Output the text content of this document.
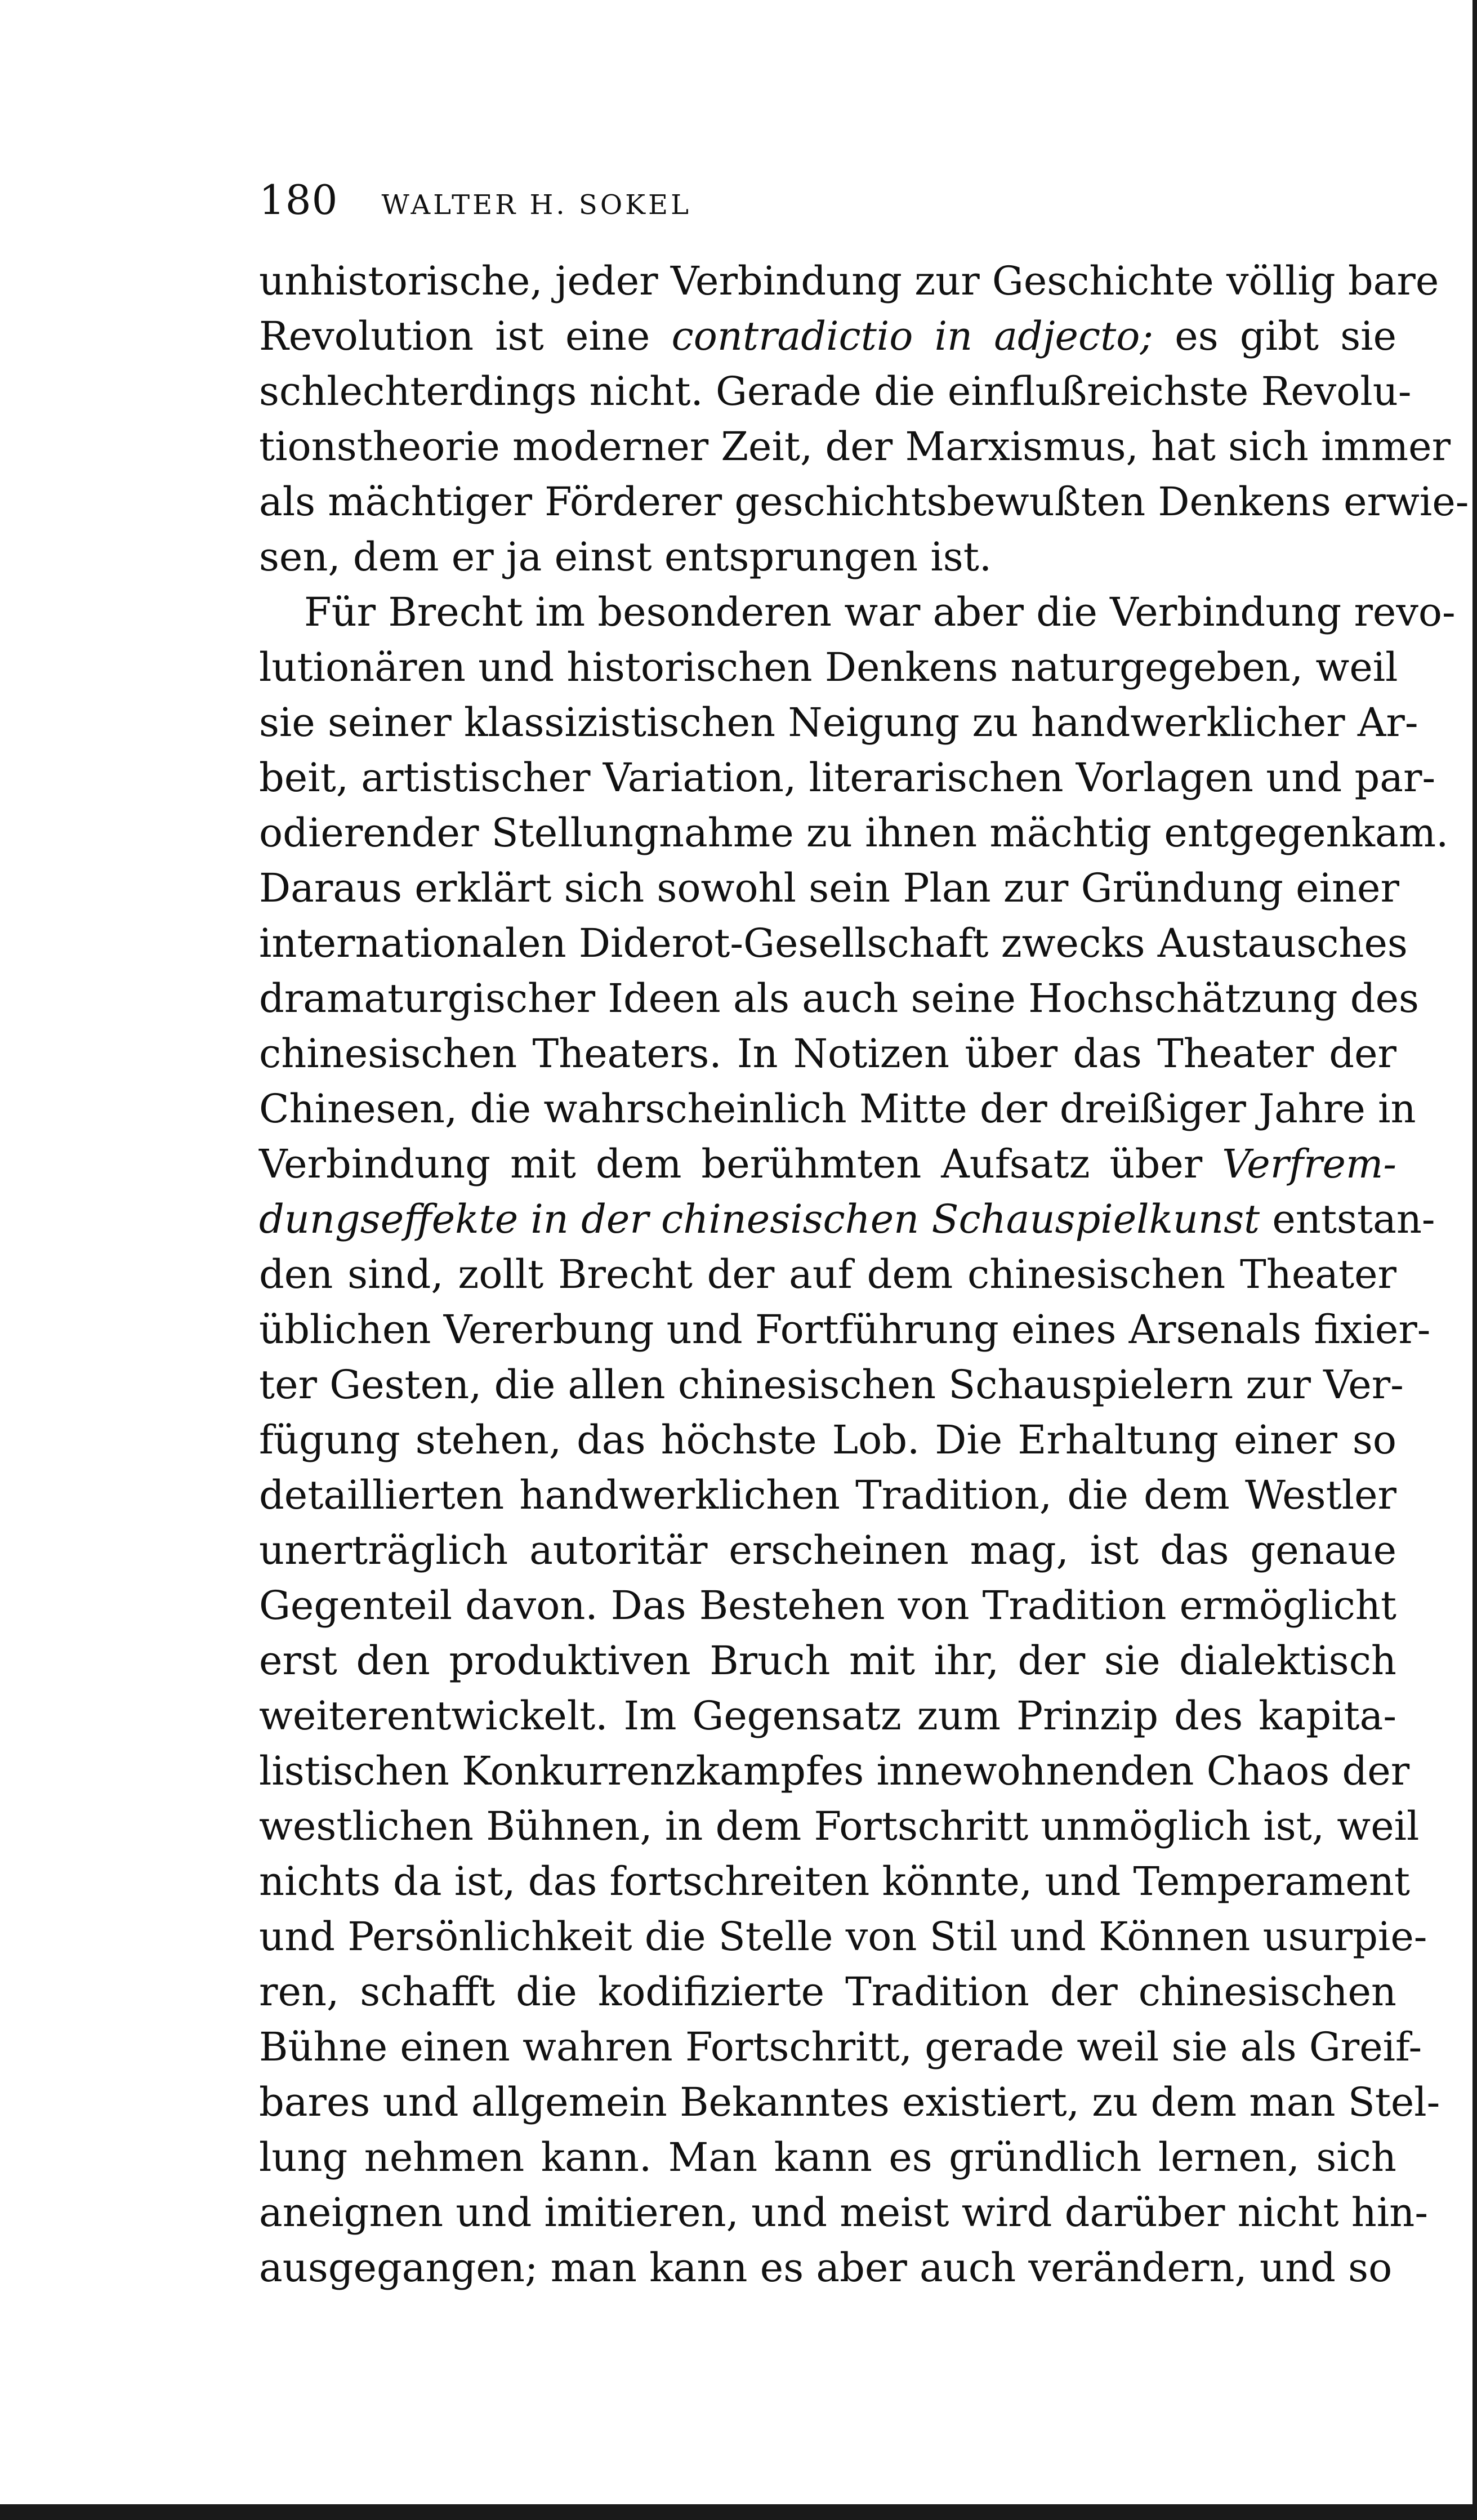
180 WALTER H. SOKEL
unhistorische, jeder Verbindung zur Geschichte völlig bare
Revolution ist eine contradictio in adjecto; es gibt sie
schlechterdings nicht. Gerade die einflußreichste Revolu-
tionstheorie moderner Zeit, der Marxismus, hat sich immer
als mächtiger Förderer geschichtsbewußten Denkens erwie-
sen, dem er ja einst entsprungen ist.
Für Brecht im besonderen war aber die Verbindung revo-
lutionären und historischen Denkens naturgegeben, weil
sie seiner klassizistischen Neigung zu handwerklicher Ar-
beit, artistischer Variation, literarischen Vorlagen und par-
odierender Stellungnahme zu ihnen mächtig entgegenkam.
Daraus erklärt sich sowohl sein Plan zur Gründung einer
internationalen Diderot-Gesellschaft zwecks Austausches
dramaturgischer Ideen als auch seine Hochschätzung des
chinesischen Theaters. In Notizen über das Theater der
Chinesen, die wahrscheinlich Mitte der dreißiger Jahre in
Verbindung mit dem berühmten Aufsatz über Verfrem-
dungseffekte in der chinesischen Schauspielkunst entstan-
den sind, zollt Brecht der auf dem chinesischen Theater
üblichen Vererbung und Fortführung eines Arsenals fixier-
ter Gesten, die allen chinesischen Schauspielern zur Ver-
fügung stehen, das höchste Lob. Die Erhaltung einer so
detaillierten handwerklichen Tradition, die dem Westler
unerträglich autoritär erscheinen mag, ist das genaue
Gegenteil davon. Das Bestehen von Tradition ermöglicht
erst den produktiven Bruch mit ihr, der sie dialektisch
weiterentwickelt. Im Gegensatz zum Prinzip des kapita-
listischen Konkurrenzkampfes innewohnenden Chaos der
westlichen Bühnen, in dem Fortschritt unmöglich ist, weil
nichts da ist, das fortschreiten könnte, und Temperament
und Persönlichkeit die Stelle von Stil und Können usurpie-
ren, schafft die kodifizierte Tradition der chinesischen
Bühne einen wahren Fortschritt, gerade weil sie als Greif-
bares und allgemein Bekanntes existiert, zu dem man Stel-
lung nehmen kann. Man kann es gründlich lernen, sich
aneignen und imitieren, und meist wird darüber nicht hin-
ausgegangen; man kann es aber auch verändern, und so
